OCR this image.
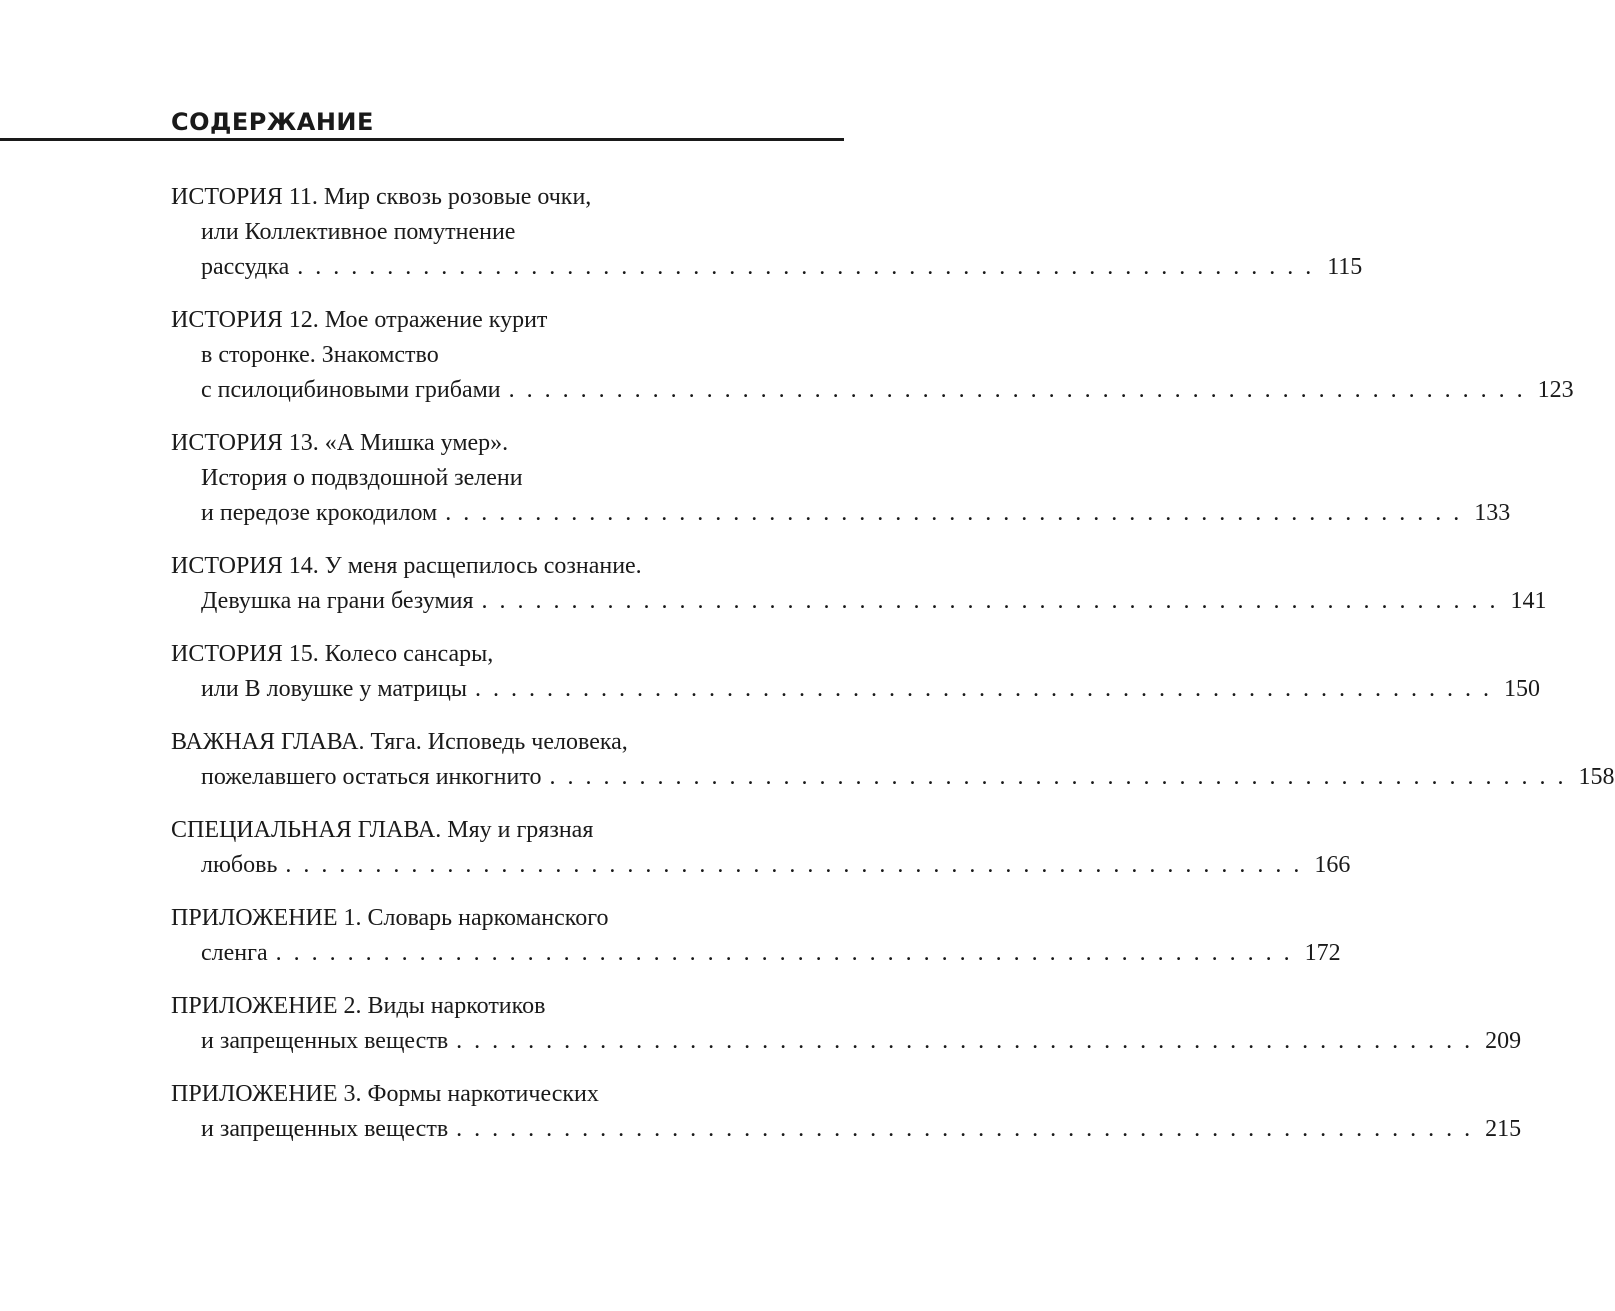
СОДЕРЖАНИЕ
ИСТОРИЯ 11. Мир сквозь розовые очки,
или Коллективное помутнение
рассудка . . . . . . . . . . . . . . . . . . . . . . . . . . . . . . . . . . . . . . . . . . . . . . . . . . . . . . . . . 115
ИСТОРИЯ 12. Мое отражение курит
в сторонке. Знакомство
с псилоцибиновыми грибами . . . . . . . . . . . . . . . . . . . . . . . . . . . . . . . . . . . . . . . . . . . . . . . . . . . . . . . . . 123
ИСТОРИЯ 13. «А Мишка умер».
История о подвздошной зелени
и передозе крокодилом . . . . . . . . . . . . . . . . . . . . . . . . . . . . . . . . . . . . . . . . . . . . . . . . . . . . . . . . . 133
ИСТОРИЯ 14. У меня расщепилось сознание.
Девушка на грани безумия . . . . . . . . . . . . . . . . . . . . . . . . . . . . . . . . . . . . . . . . . . . . . . . . . . . . . . . . . 141
ИСТОРИЯ 15. Колесо сансары,
или В ловушке у матрицы . . . . . . . . . . . . . . . . . . . . . . . . . . . . . . . . . . . . . . . . . . . . . . . . . . . . . . . . . 150
ВАЖНАЯ ГЛАВА. Тяга. Исповедь человека,
пожелавшего остаться инкогнито . . . . . . . . . . . . . . . . . . . . . . . . . . . . . . . . . . . . . . . . . . . . . . . . . . . . . . . . . 158
СПЕЦИАЛЬНАЯ ГЛАВА. Мяу и грязная
любовь . . . . . . . . . . . . . . . . . . . . . . . . . . . . . . . . . . . . . . . . . . . . . . . . . . . . . . . . . 166
ПРИЛОЖЕНИЕ 1. Словарь наркоманского
сленга . . . . . . . . . . . . . . . . . . . . . . . . . . . . . . . . . . . . . . . . . . . . . . . . . . . . . . . . . 172
ПРИЛОЖЕНИЕ 2. Виды наркотиков
и запрещенных веществ . . . . . . . . . . . . . . . . . . . . . . . . . . . . . . . . . . . . . . . . . . . . . . . . . . . . . . . . . 209
ПРИЛОЖЕНИЕ 3. Формы наркотических
и запрещенных веществ . . . . . . . . . . . . . . . . . . . . . . . . . . . . . . . . . . . . . . . . . . . . . . . . . . . . . . . . . 215
